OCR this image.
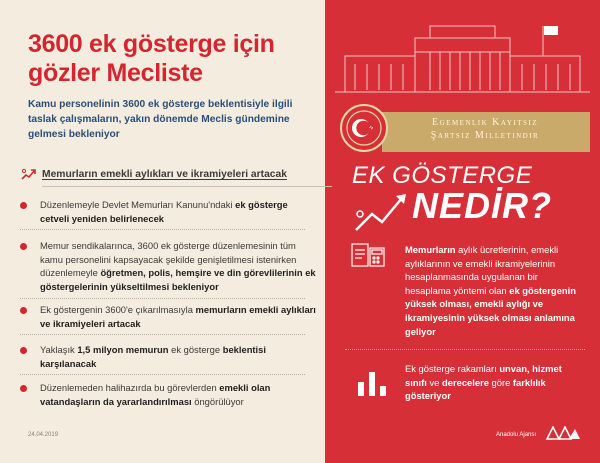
3600 ek gösterge için
gözler Mecliste
Kamu personelinin 3600 ek gösterge beklentisiyle ilgili taslak çalışmaların, yakın dönemde Meclis gündemine gelmesi bekleniyor
Memurların emekli aylıkları ve ikramiyeleri artacak
Düzenlemeyle Devlet Memurları Kanunu'ndaki ek gösterge cetveli yeniden belirlenecek
Memur sendikalarınca, 3600 ek gösterge düzenlemesinin tüm kamu personelini kapsayacak şekilde genişletilmesi istenirken düzenlemeyle öğretmen, polis, hemşire ve din görevlilerinin ek göstergelerinin yükseltilmesi bekleniyor
Ek göstergenin 3600'e çıkarılmasıyla memurların emekli aylıkları ve ikramiyeleri artacak
Yaklaşık 1,5 milyon memurun ek gösterge beklentisi karşılanacak
Düzenlemeden halihazırda bu görevlerden emekli olan vatandaşların da yararlandırılması öngörülüyor
24.04.2019
Egemenlik Kayıtsız
Şartsız Milletindir
EK GÖSTERGE
NEDİR?
Memurların aylık ücretlerinin, emekli aylıklarının ve emekli ikramiyelerinin hesaplanmasında uygulanan bir hesaplama yöntemi olan ek göstergenin yüksek olması, emekli aylığı ve ikramiyesinin yüksek olması anlamına geliyor
Ek gösterge rakamları unvan, hizmet sınıfı ve derecelere göre farklılık gösteriyor
Anadolu Ajansı
